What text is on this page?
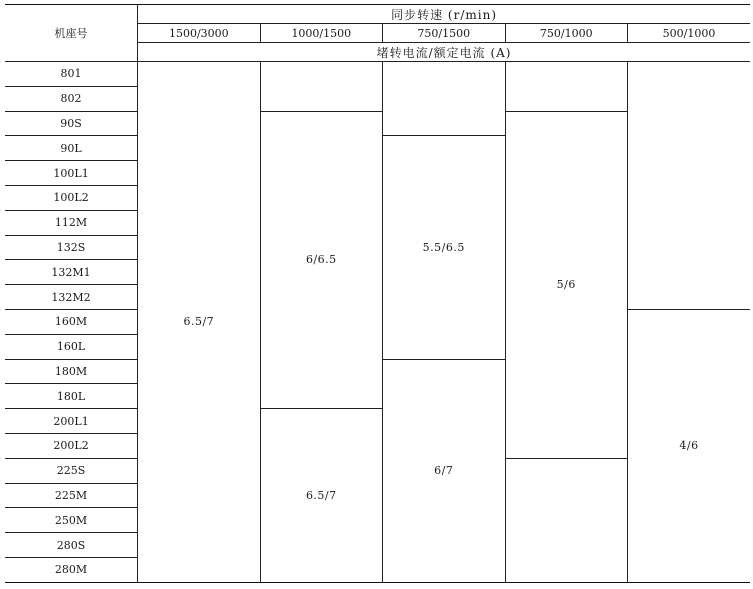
机座号	同步转速 (r/min)				
	1500/3000	1000/1500	750/1500	750/1000	500/1000
	堵转电流/额定电流 (A)				
801	6.5/7				
802					
90S		6/6.5		5/6	
90L			5.5/6.5		
100L1					
100L2					
112M					
132S					
132M1					
132M2					
160M					4/6
160L					
180M			6/7		
180L					
200L1		6.5/7			
200L2					
225S					
225M					
250M					
280S					
280M					
